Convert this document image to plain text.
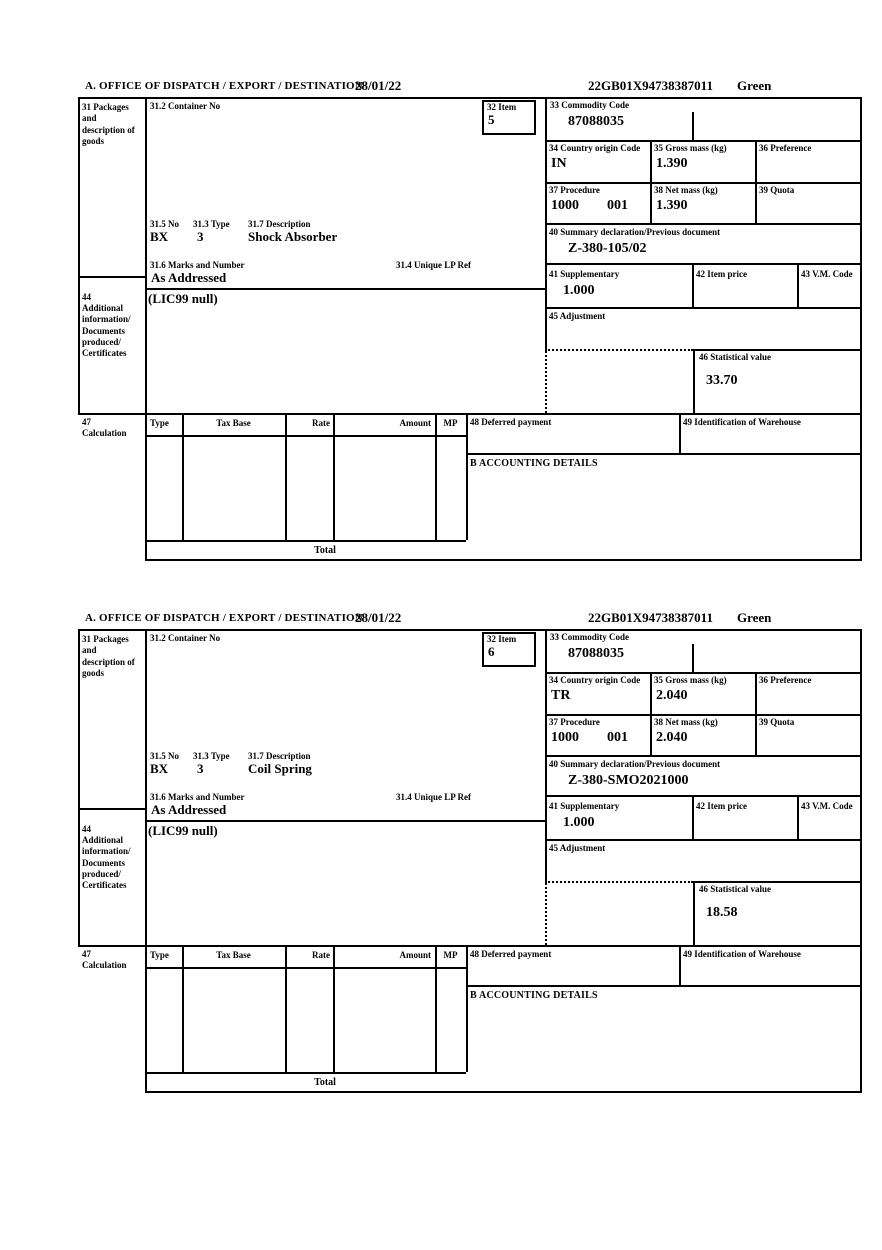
A. OFFICE OF DISPATCH / EXPORT / DESTINATION
28/01/22	22GB01X94738387011 Green
31 Packages and description of goods
31.2 Container No
31.5 No 31.3 Type 31.7 Description
BX 3	Shock Absorber
31.6 Marks and Number	31.4 Unique LP Ref
As Addressed
(LIC99 null)
32 Item
5
44
Additional information/ Documents produced/ Certificates
33 Commodity Code
87088035
34 Country origin Code
IN
35 Gross mass (kg)
1.390
36 Preference
37 Procedure
1000 001
38 Net mass (kg)
1.390
39 Quota
40 Summary declaration/Previous document
Z-380-105/02
41 Supplementary
1.000
42 Item price	43 V.M. Code
45 Adjustment
46 Statistical value
33.70
47
Calculation
Type	Tax Base	Rate	Amount	MP
Total
48 Deferred payment	49 Identification of Warehouse
B ACCOUNTING DETAILS
A. OFFICE OF DISPATCH / EXPORT / DESTINATION
28/01/22	22GB01X94738387011 Green
31 Packages and description of goods
31.2 Container No
31.5 No 31.3 Type 31.7 Description
BX 3	Coil Spring
31.6 Marks and Number	31.4 Unique LP Ref
As Addressed
(LIC99 null)
32 Item
6
44
Additional information/ Documents produced/ Certificates
33 Commodity Code
87088035
34 Country origin Code
TR
35 Gross mass (kg)
2.040
36 Preference
37 Procedure
1000 001
38 Net mass (kg)
2.040
39 Quota
40 Summary declaration/Previous document
Z-380-SMO2021000
41 Supplementary
1.000
42 Item price	43 V.M. Code
45 Adjustment
46 Statistical value
18.58
47
Calculation
Type	Tax Base	Rate	Amount	MP
Total
48 Deferred payment	49 Identification of Warehouse
B ACCOUNTING DETAILS
